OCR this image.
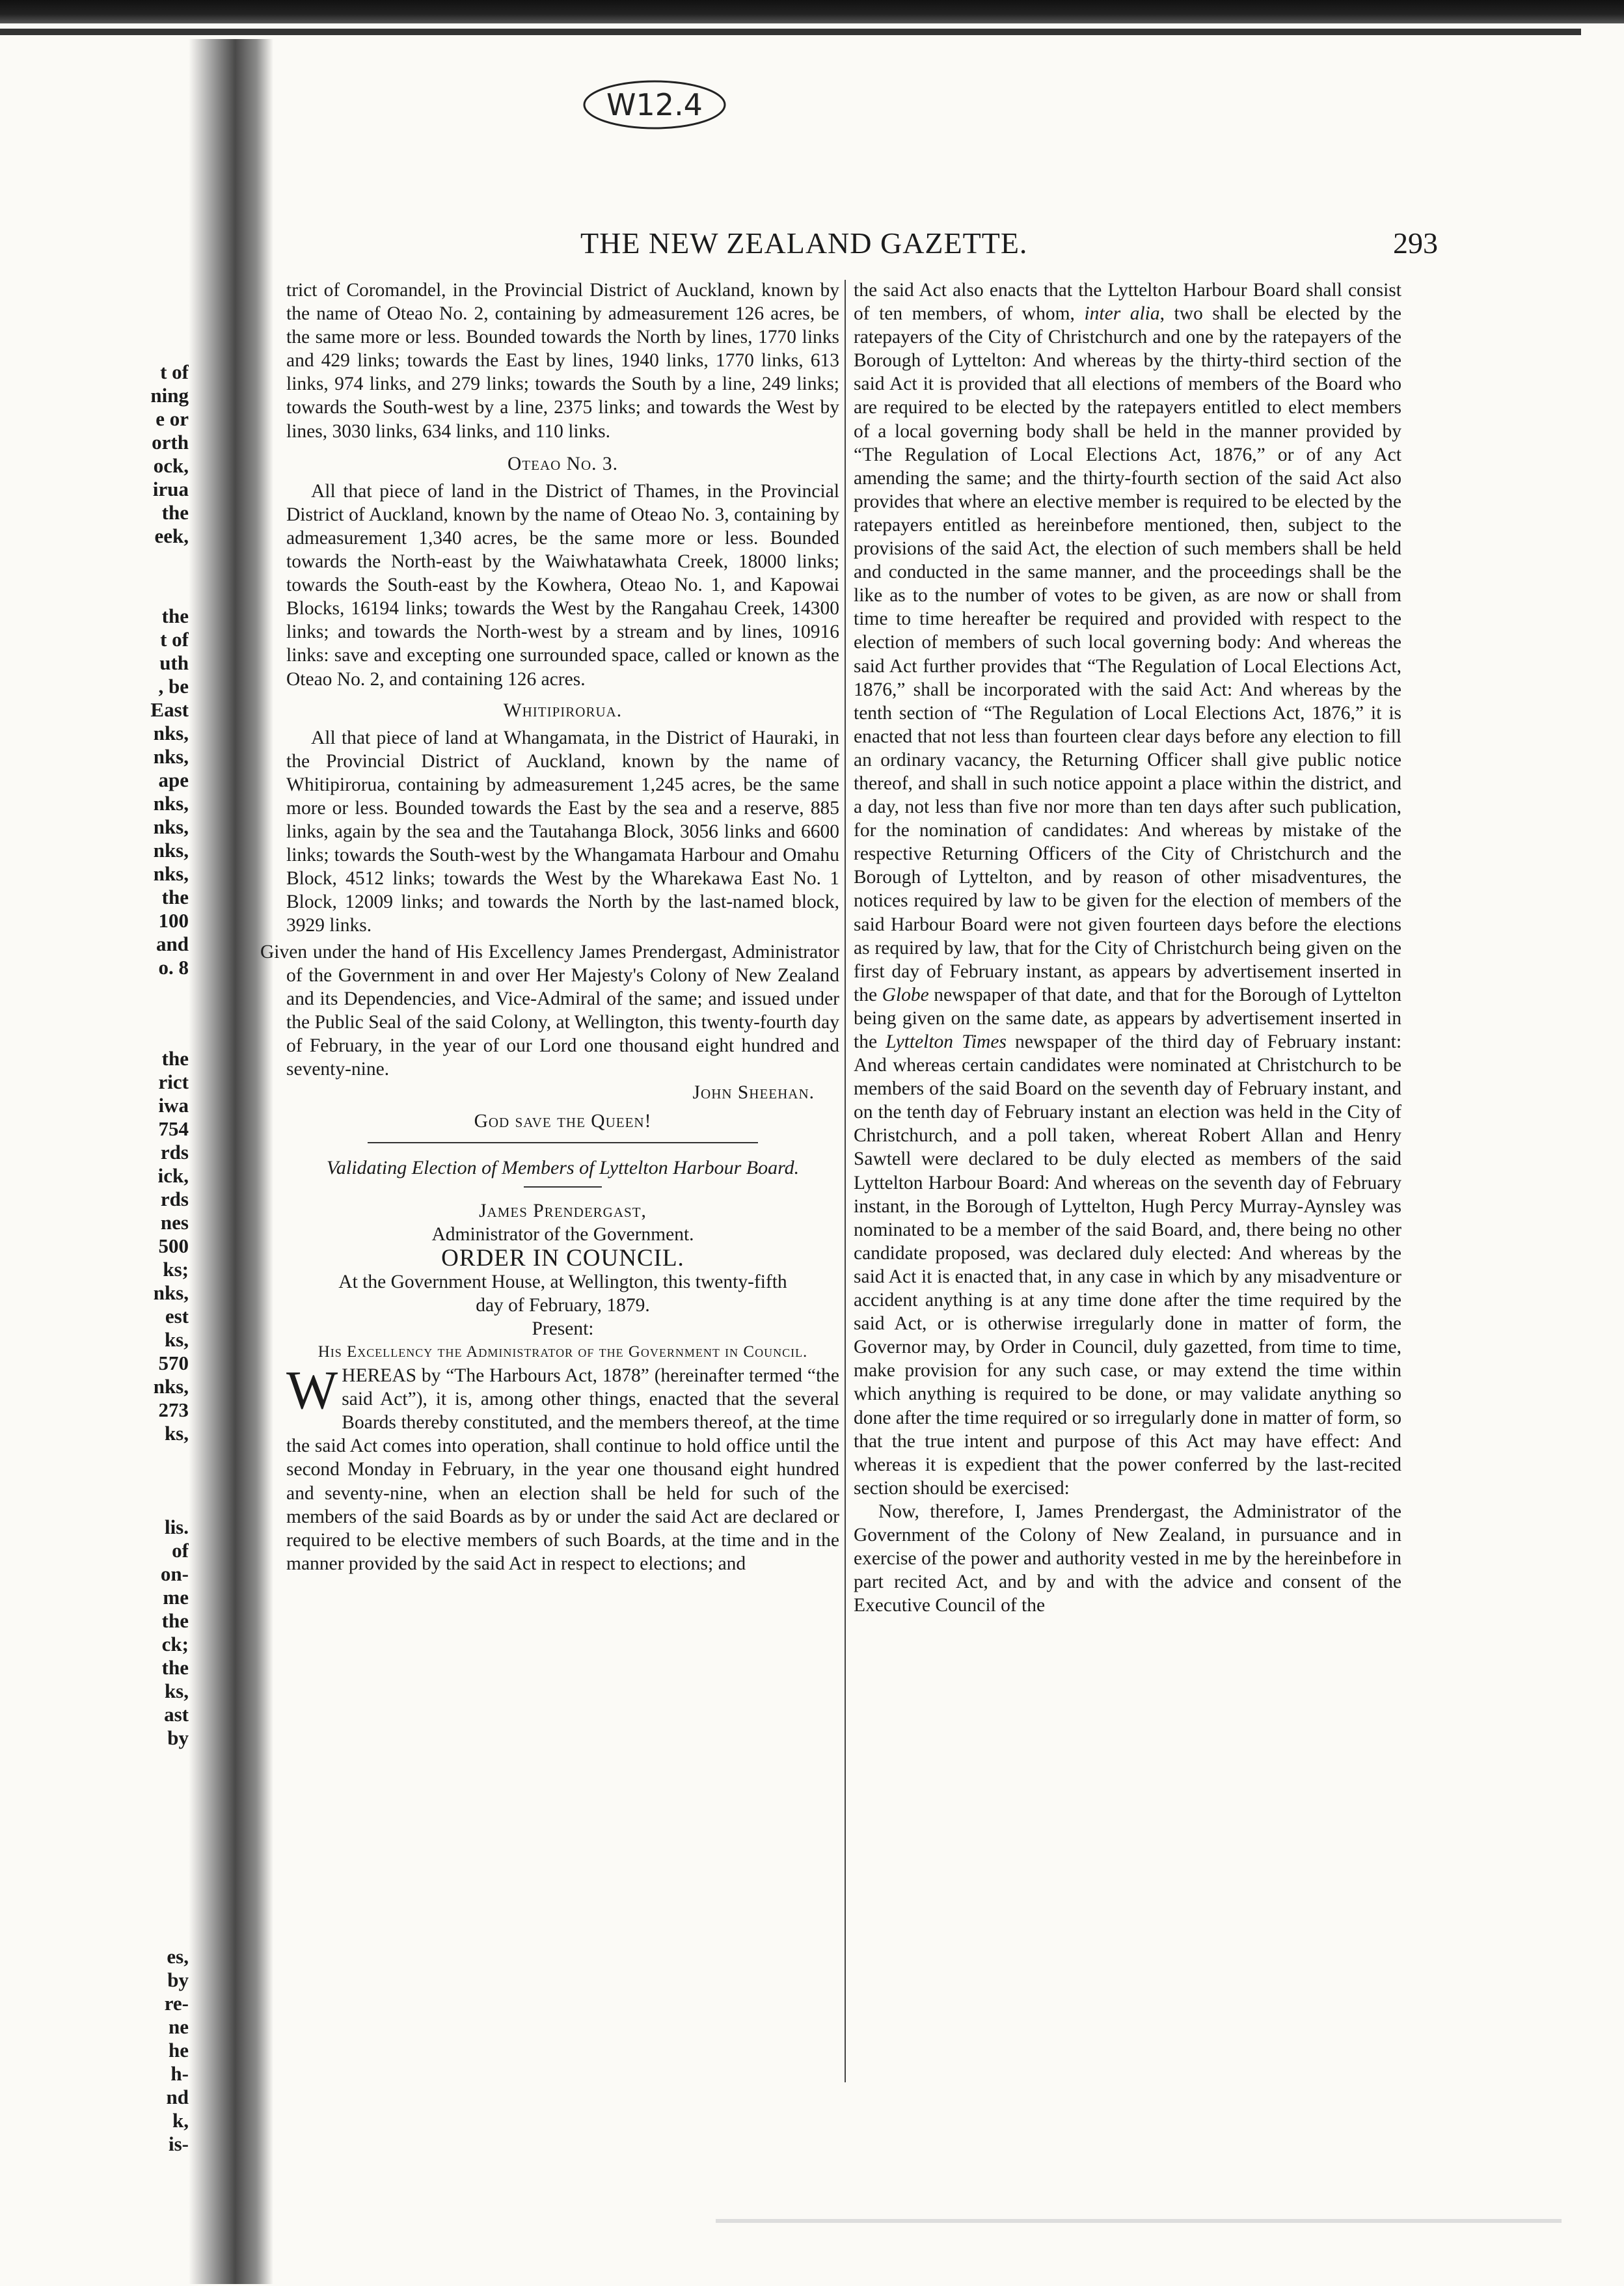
t of
ning
e or
orth
ock,
irua
the
eek,
the
t of
uth
, be
East
nks,
nks,
ape
nks,
nks,
nks,
nks,
the
100
and
o. 8
the
rict
iwa
754
rds
ick,
rds
nes
500
ks;
nks,
est
ks,
570
nks,
273
ks,
lis.
of
on-
me
the
ck;
the
ks,
ast
by
es,
by
re-
ne
he
h-
nd
k,
is-
W12.4
THE NEW ZEALAND GAZETTE.	293

trict of Coromandel, in the Provincial District of Auckland, known by the name of Oteao No. 2, containing by admeasurement 126 acres, be the same more or less. Bounded towards the North by lines, 1770 links and 429 links; towards the East by lines, 1940 links, 1770 links, 613 links, 974 links, and 279 links; towards the South by a line, 249 links; towards the South-west by a line, 2375 links; and towards the West by lines, 3030 links, 634 links, and 110 links.

Oteao No. 3.

All that piece of land in the District of Thames, in the Provincial District of Auckland, known by the name of Oteao No. 3, containing by admeasurement 1,340 acres, be the same more or less. Bounded towards the North-east by the Waiwhatawhata Creek, 18000 links; towards the South-east by the Kowhera, Oteao No. 1, and Kapowai Blocks, 16194 links; towards the West by the Rangahau Creek, 14300 links; and towards the North-west by a stream and by lines, 10916 links: save and excepting one surrounded space, called or known as the Oteao No. 2, and containing 126 acres.

Whitipirorua.

All that piece of land at Whangamata, in the District of Hauraki, in the Provincial District of Auckland, known by the name of Whitipirorua, containing by admeasurement 1,245 acres, be the same more or less. Bounded towards the East by the sea and a reserve, 885 links, again by the sea and the Tautahanga Block, 3056 links and 6600 links; towards the South-west by the Whangamata Harbour and Omahu Block, 4512 links; towards the West by the Wharekawa East No. 1 Block, 12009 links; and towards the North by the last-named block, 3929 links.

Given under the hand of His Excellency James Prendergast, Administrator of the Government in and over Her Majesty's Colony of New Zealand and its Dependencies, and Vice-Admiral of the same; and issued under the Public Seal of the said Colony, at Wellington, this twenty-fourth day of February, in the year of our Lord one thousand eight hundred and seventy-nine.

John Sheehan.

God save the Queen!

Validating Election of Members of Lyttelton Harbour Board.

James Prendergast,

Administrator of the Government.

ORDER IN COUNCIL.

At the Government House, at Wellington, this twenty-fifth day of February, 1879.

Present:

His Excellency the Administrator of the Government in Council.

WHEREAS by “The Harbours Act, 1878” (hereinafter termed “the said Act”), it is, among other things, enacted that the several Boards thereby constituted, and the members thereof, at the time the said Act comes into operation, shall continue to hold office until the second Monday in February, in the year one thousand eight hundred and seventy-nine, when an election shall be held for such of the members of the said Boards as by or under the said Act are declared or required to be elective members of such Boards, at the time and in the manner provided by the said Act in respect to elections; and

the said Act also enacts that the Lyttelton Harbour Board shall consist of ten members, of whom, inter alia, two shall be elected by the ratepayers of the City of Christchurch and one by the ratepayers of the Borough of Lyttelton: And whereas by the thirty-third section of the said Act it is provided that all elections of members of the Board who are required to be elected by the ratepayers entitled to elect members of a local governing body shall be held in the manner provided by “The Regulation of Local Elections Act, 1876,” or of any Act amending the same; and the thirty-fourth section of the said Act also provides that where an elective member is required to be elected by the ratepayers entitled as hereinbefore mentioned, then, subject to the provisions of the said Act, the election of such members shall be held and conducted in the same manner, and the proceedings shall be the like as to the number of votes to be given, as are now or shall from time to time hereafter be required and provided with respect to the election of members of such local governing body: And whereas the said Act further provides that “The Regulation of Local Elections Act, 1876,” shall be incorporated with the said Act: And whereas by the tenth section of “The Regulation of Local Elections Act, 1876,” it is enacted that not less than fourteen clear days before any election to fill an ordinary vacancy, the Returning Officer shall give public notice thereof, and shall in such notice appoint a place within the district, and a day, not less than five nor more than ten days after such publication, for the nomination of candidates: And whereas by mistake of the respective Returning Officers of the City of Christchurch and the Borough of Lyttelton, and by reason of other misadventures, the notices required by law to be given for the election of members of the said Harbour Board were not given fourteen days before the elections as required by law, that for the City of Christchurch being given on the first day of February instant, as appears by advertisement inserted in the Globe newspaper of that date, and that for the Borough of Lyttelton being given on the same date, as appears by advertisement inserted in the Lyttelton Times newspaper of the third day of February instant: And whereas certain candidates were nominated at Christchurch to be members of the said Board on the seventh day of February instant, and on the tenth day of February instant an election was held in the City of Christchurch, and a poll taken, whereat Robert Allan and Henry Sawtell were declared to be duly elected as members of the said Lyttelton Harbour Board: And whereas on the seventh day of February instant, in the Borough of Lyttelton, Hugh Percy Murray-Aynsley was nominated to be a member of the said Board, and, there being no other candidate proposed, was declared duly elected: And whereas by the said Act it is enacted that, in any case in which by any misadventure or accident anything is at any time done after the time required by the said Act, or is otherwise irregularly done in matter of form, the Governor may, by Order in Council, duly gazetted, from time to time, make provision for any such case, or may extend the time within which anything is required to be done, or may validate anything so done after the time required or so irregularly done in matter of form, so that the true intent and purpose of this Act may have effect: And whereas it is expedient that the power conferred by the last-recited section should be exercised:

Now, therefore, I, James Prendergast, the Administrator of the Government of the Colony of New Zealand, in pursuance and in exercise of the power and authority vested in me by the hereinbefore in part recited Act, and by and with the advice and consent of the Executive Council of the
